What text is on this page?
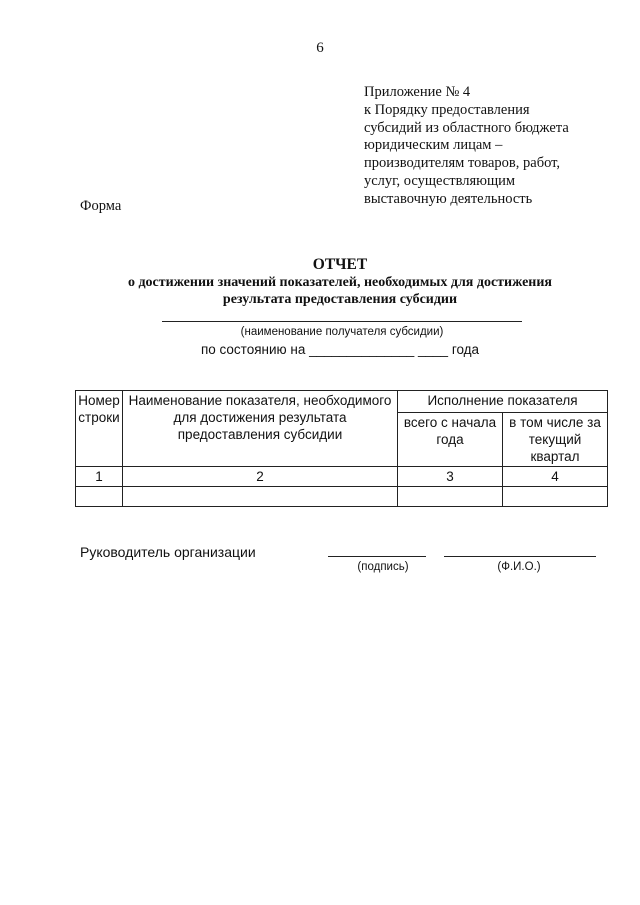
6
Приложение № 4
к Порядку предоставления
субсидий из областного бюджета
юридическим лицам –
производителям товаров, работ,
услуг, осуществляющим
выставочную деятельность
Форма
ОТЧЕТ
о достижении значений показателей, необходимых для достижения
результата предоставления субсидии
(наименование получателя субсидии)
по состоянию на ______________ ____ года
Номер строки	Наименование показателя, необходимого для достижения результата предоставления субсидии	Исполнение показателя	
		всего с начала года	в том числе за текущий квартал
1	2	3	4

Руководитель организации
(подпись)	(Ф.И.О.)
